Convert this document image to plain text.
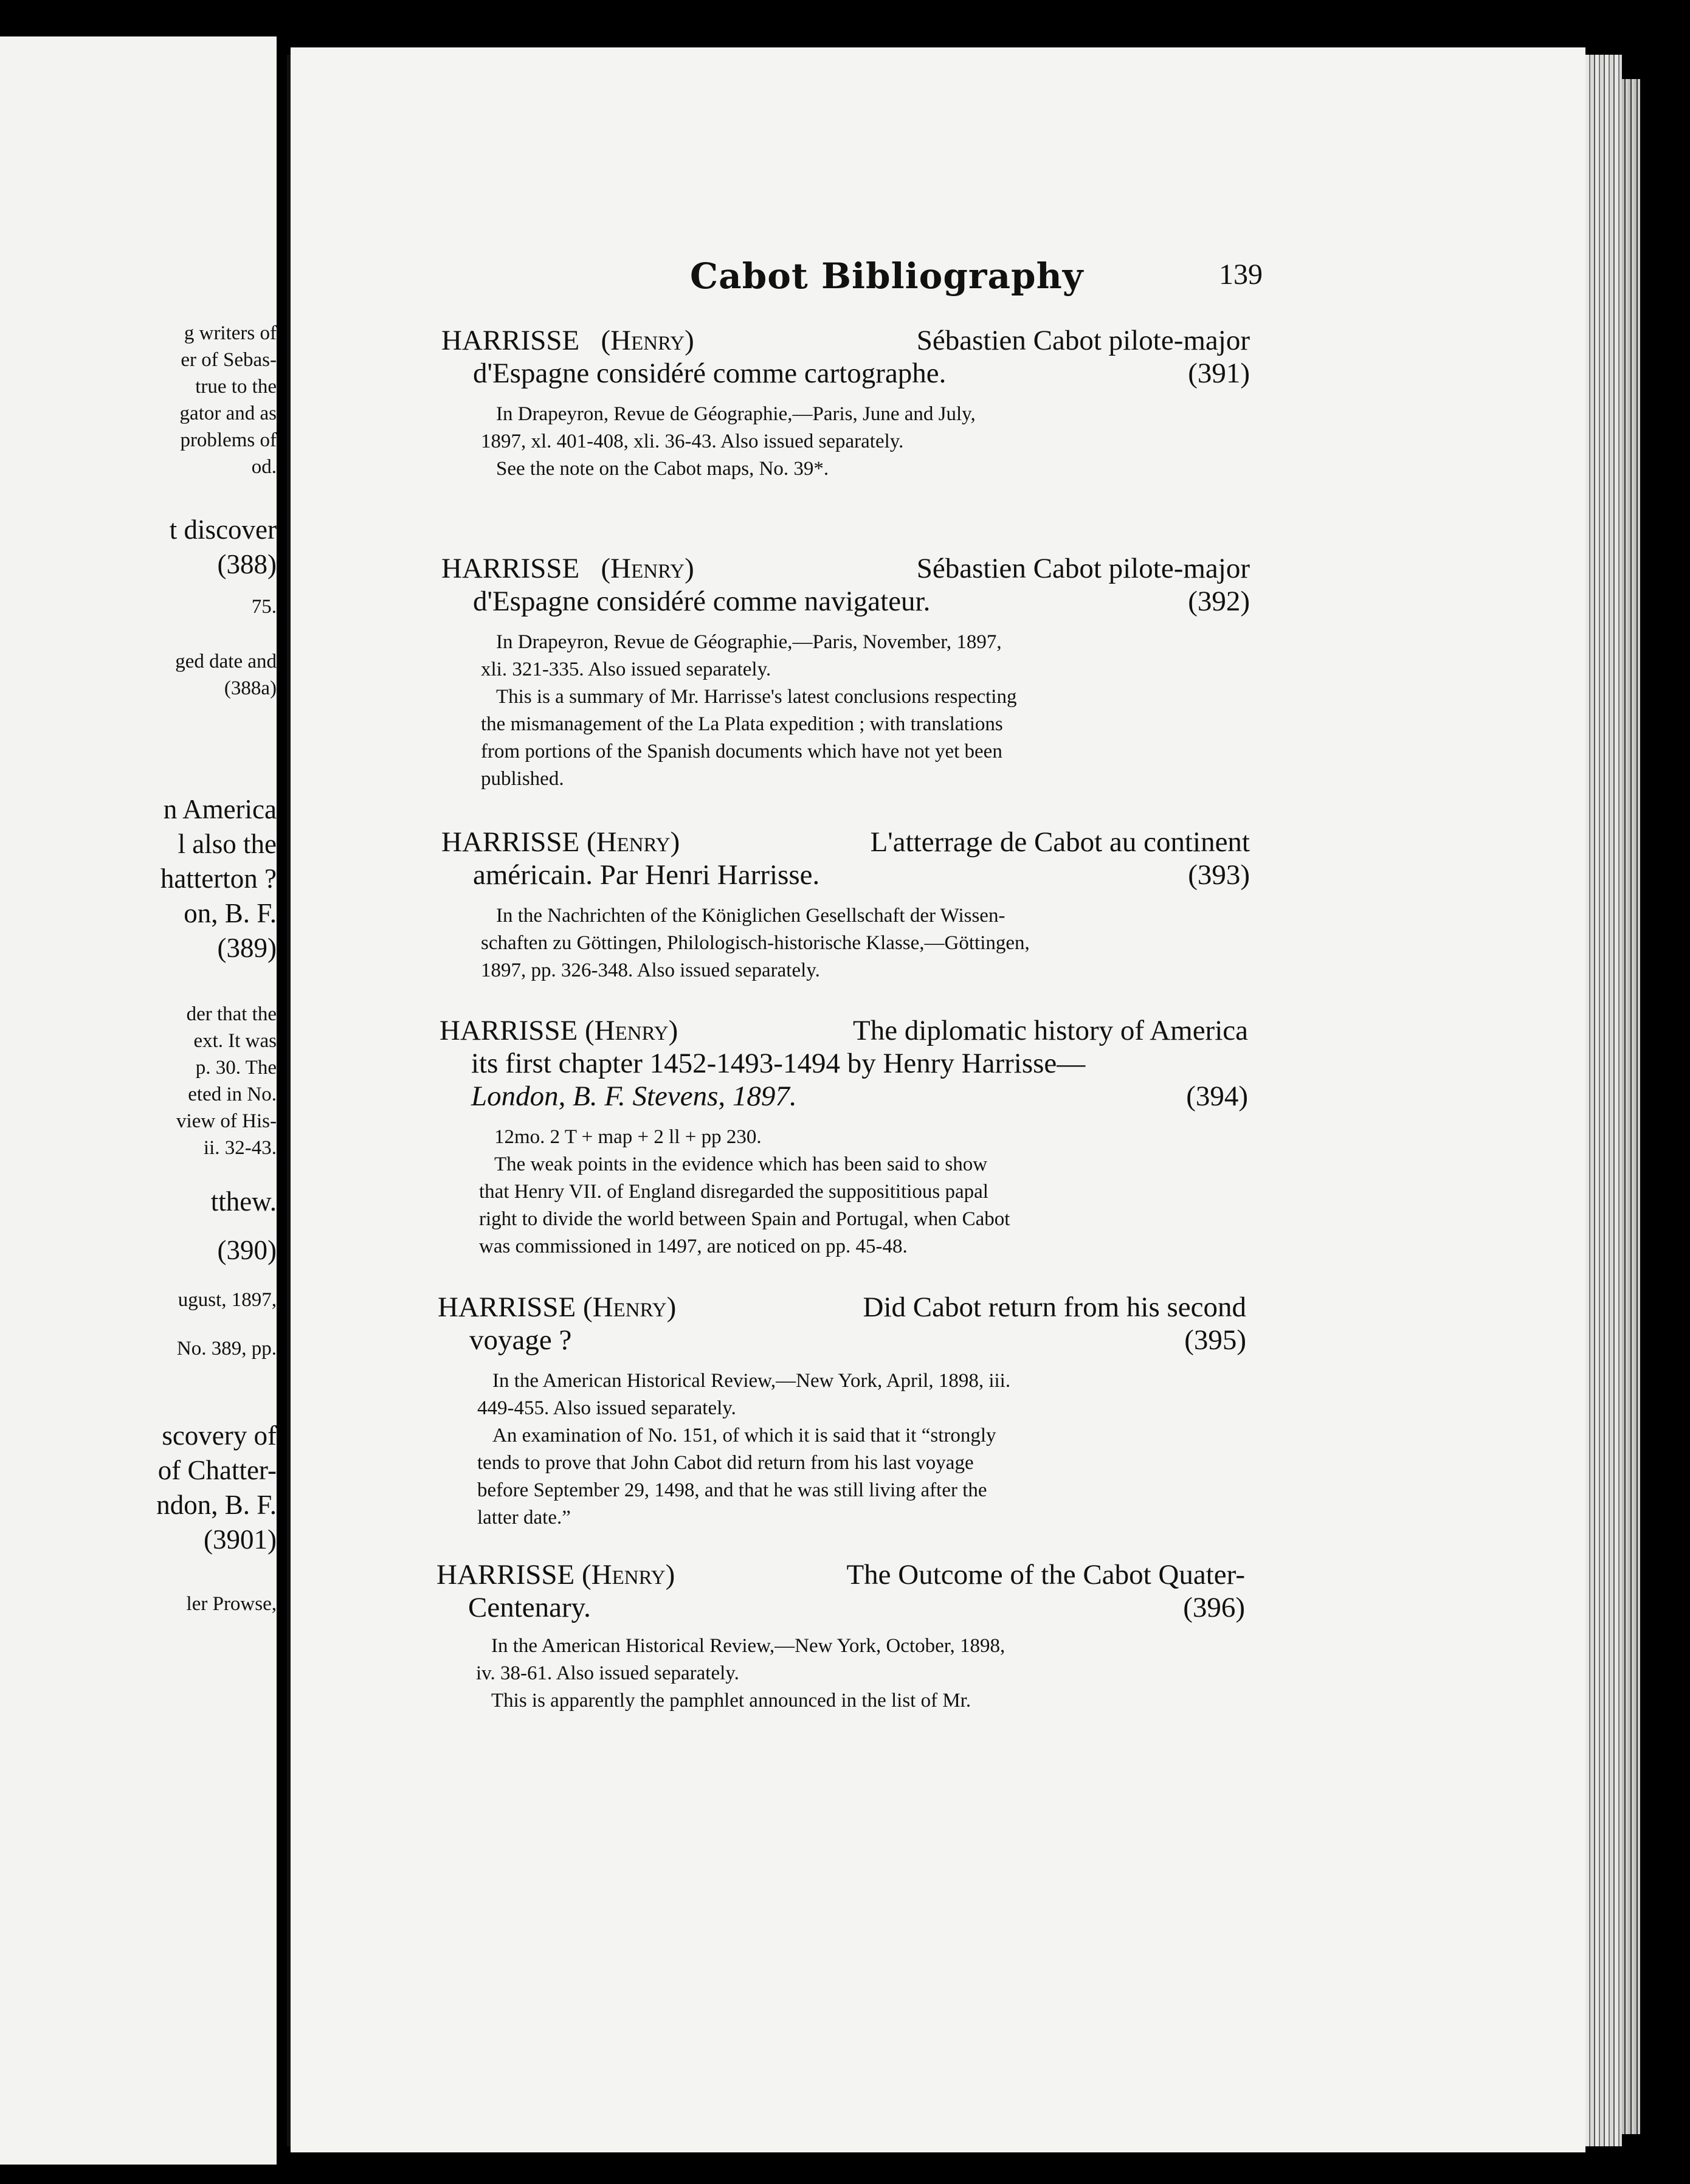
g writers of
er of Sebas-
true to the
gator and as
problems of
od.
t discover
(388)
75.
ged date and
(388a)
n America
l also the
hatterton ?
on, B. F.
(389)
der that the
ext. It was
p. 30. The
eted in No.
view of His-
ii. 32-43.
tthew.
(390)
ugust, 1897,
No. 389, pp.
scovery of
of Chatter-
ndon, B. F.
(3901)
ler Prowse,
Cabot Bibliography	139
HARRISSE (Henry)	Sébastien Cabot pilote-major
d'Espagne considéré comme cartographe.	(391)
In Drapeyron, Revue de Géographie,—Paris, June and July,
1897, xl. 401-408, xli. 36-43. Also issued separately.
See the note on the Cabot maps, No. 39*.
HARRISSE (Henry)	Sébastien Cabot pilote-major
d'Espagne considéré comme navigateur.	(392)
In Drapeyron, Revue de Géographie,—Paris, November, 1897,
xli. 321-335. Also issued separately.
This is a summary of Mr. Harrisse's latest conclusions respecting
the mismanagement of the La Plata expedition ; with translations
from portions of the Spanish documents which have not yet been
published.
HARRISSE (Henry)	L'atterrage de Cabot au continent
américain. Par Henri Harrisse.	(393)
In the Nachrichten of the Königlichen Gesellschaft der Wissen-
schaften zu Göttingen, Philologisch-historische Klasse,—Göttingen,
1897, pp. 326-348. Also issued separately.
HARRISSE (Henry)	The diplomatic history of America
its first chapter 1452-1493-1494 by Henry Harrisse—
London, B. F. Stevens, 1897.	(394)
12mo. 2 T + map + 2 ll + pp 230.
The weak points in the evidence which has been said to show
that Henry VII. of England disregarded the supposititious papal
right to divide the world between Spain and Portugal, when Cabot
was commissioned in 1497, are noticed on pp. 45-48.
HARRISSE (Henry)	Did Cabot return from his second
voyage ?	(395)
In the American Historical Review,—New York, April, 1898, iii.
449-455. Also issued separately.
An examination of No. 151, of which it is said that it “strongly
tends to prove that John Cabot did return from his last voyage
before September 29, 1498, and that he was still living after the
latter date.”
HARRISSE (Henry)	The Outcome of the Cabot Quater-
Centenary.	(396)
In the American Historical Review,—New York, October, 1898,
iv. 38-61. Also issued separately.
This is apparently the pamphlet announced in the list of Mr.
